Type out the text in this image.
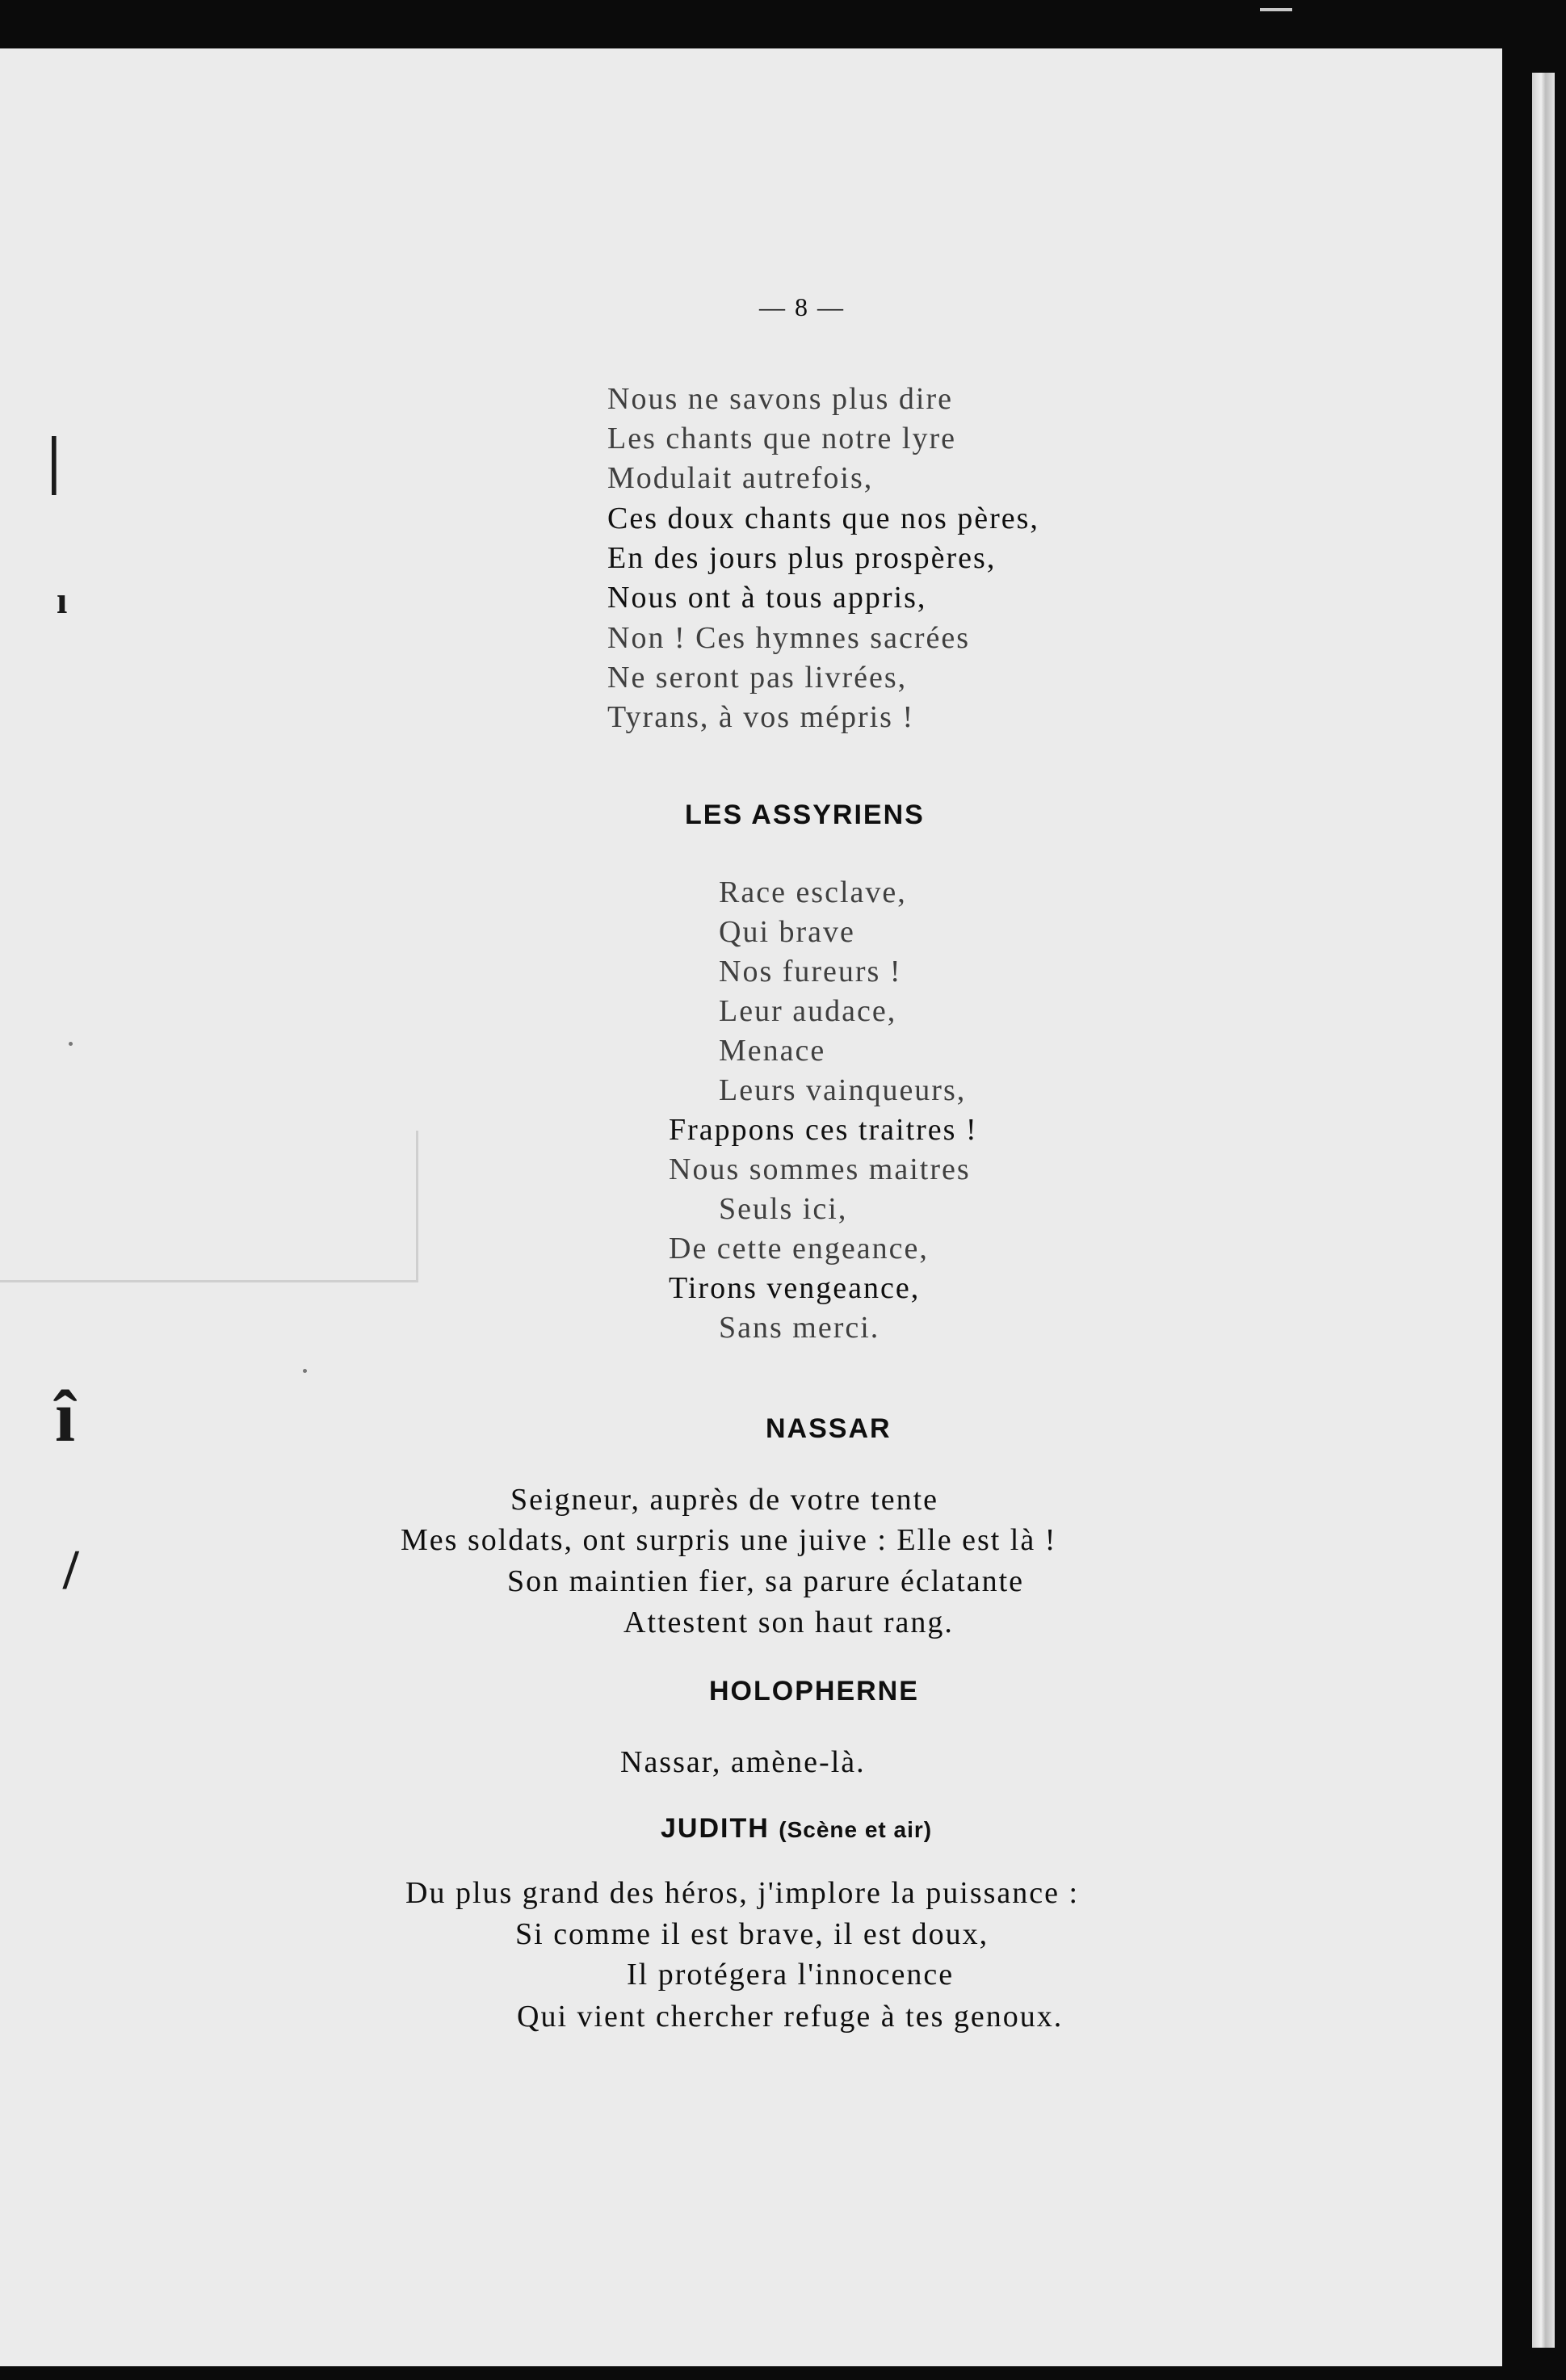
|
ı
î
/
— 8 —
Nous ne savons plus dire
Les chants que notre lyre
Modulait autrefois,
Ces doux chants que nos pères,
En des jours plus prospères,
Nous ont à tous appris,
Non ! Ces hymnes sacrées
Ne seront pas livrées,
Tyrans, à vos mépris !
LES ASSYRIENS
Race esclave,
Qui brave
Nos fureurs !
Leur audace,
Menace
Leurs vainqueurs,
Frappons ces traitres !
Nous sommes maitres
Seuls ici,
De cette engeance,
Tirons vengeance,
Sans merci.
NASSAR
Seigneur, auprès de votre tente
Mes soldats, ont surpris une juive : Elle est là !
Son maintien fier, sa parure éclatante
Attestent son haut rang.
HOLOPHERNE
Nassar, amène-là.
JUDITH (Scène et air)
Du plus grand des héros, j'implore la puissance :
Si comme il est brave, il est doux,
Il protégera l'innocence
Qui vient chercher refuge à tes genoux.
